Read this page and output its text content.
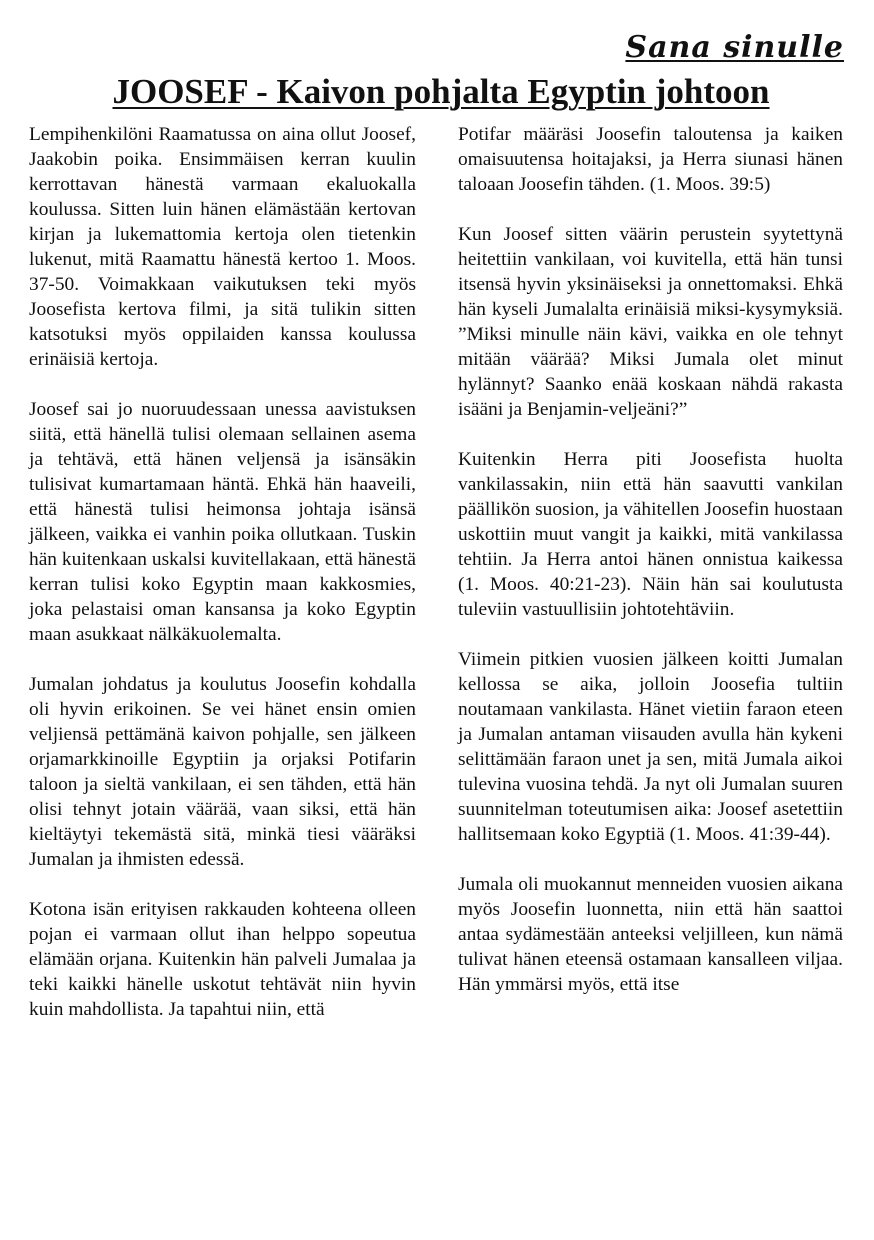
Sana sinulle
JOOSEF - Kaivon pohjalta Egyptin johtoon

Lempihenkilöni Raamatussa on aina ollut Joosef, Jaakobin poika. Ensimmäisen kerran kuulin kerrottavan hänestä varmaan ekaluokalla koulussa. Sitten luin hänen elämästään kertovan kirjan ja lukemattomia kertoja olen tietenkin lukenut, mitä Raamattu hänestä kertoo 1. Moos. 37-50. Voimakkaan vaikutuksen teki myös Joosefista kertova filmi, ja sitä tulikin sitten katsotuksi myös oppilaiden kanssa koulussa erinäisiä kertoja.

Joosef sai jo nuoruudessaan unessa aavistuksen siitä, että hänellä tulisi olemaan sellainen asema ja tehtävä, että hänen veljensä ja isänsäkin tulisivat kumartamaan häntä. Ehkä hän haaveili, että hänestä tulisi heimonsa johtaja isänsä jälkeen, vaikka ei vanhin poika ollutkaan. Tuskin hän kuitenkaan uskalsi kuvitellakaan, että hänestä kerran tulisi koko Egyptin maan kakkosmies, joka pelastaisi oman kansansa ja koko Egyptin maan asukkaat nälkäkuolemalta.

Jumalan johdatus ja koulutus Joosefin kohdalla oli hyvin erikoinen. Se vei hänet ensin omien veljiensä pettämänä kaivon pohjalle, sen jälkeen orjamarkkinoille Egyptiin ja orjaksi Potifarin taloon ja sieltä vankilaan, ei sen tähden, että hän olisi tehnyt jotain väärää, vaan siksi, että hän kieltäytyi tekemästä sitä, minkä tiesi vääräksi Jumalan ja ihmisten edessä.

Kotona isän erityisen rakkauden kohteena olleen pojan ei varmaan ollut ihan helppo sopeutua elämään orjana. Kuitenkin hän palveli Jumalaa ja teki kaikki hänelle uskotut tehtävät niin hyvin kuin mahdollista. Ja tapahtui niin, että

Potifar määräsi Joosefin taloutensa ja kaiken omaisuutensa hoitajaksi, ja Herra siunasi hänen taloaan Joosefin tähden. (1. Moos. 39:5)

Kun Joosef sitten väärin perustein syytettynä heitettiin vankilaan, voi kuvitella, että hän tunsi itsensä hyvin yksinäiseksi ja onnettomaksi. Ehkä hän kyseli Jumalalta erinäisiä miksi-kysymyksiä. ”Miksi minulle näin kävi, vaikka en ole tehnyt mitään väärää? Miksi Jumala olet minut hylännyt? Saanko enää koskaan nähdä rakasta isääni ja Benjamin-veljeäni?”

Kuitenkin Herra piti Joosefista huolta vankilassakin, niin että hän saavutti vankilan päällikön suosion, ja vähitellen Joosefin huostaan uskottiin muut vangit ja kaikki, mitä vankilassa tehtiin. Ja Herra antoi hänen onnistua kaikessa (1. Moos. 40:21-23). Näin hän sai koulutusta tuleviin vastuullisiin johtotehtäviin.

Viimein pitkien vuosien jälkeen koitti Jumalan kellossa se aika, jolloin Joosefia tultiin noutamaan vankilasta. Hänet vietiin faraon eteen ja Jumalan antaman viisauden avulla hän kykeni selittämään faraon unet ja sen, mitä Jumala aikoi tulevina vuosina tehdä. Ja nyt oli Jumalan suuren suunnitelman toteutumisen aika: Joosef asetettiin hallitsemaan koko Egyptiä (1. Moos. 41:39-44).

Jumala oli muokannut menneiden vuosien aikana myös Joosefin luonnetta, niin että hän saattoi antaa sydämestään anteeksi veljilleen, kun nämä tulivat hänen eteensä ostamaan kansalleen viljaa. Hän ymmärsi myös, että itse
